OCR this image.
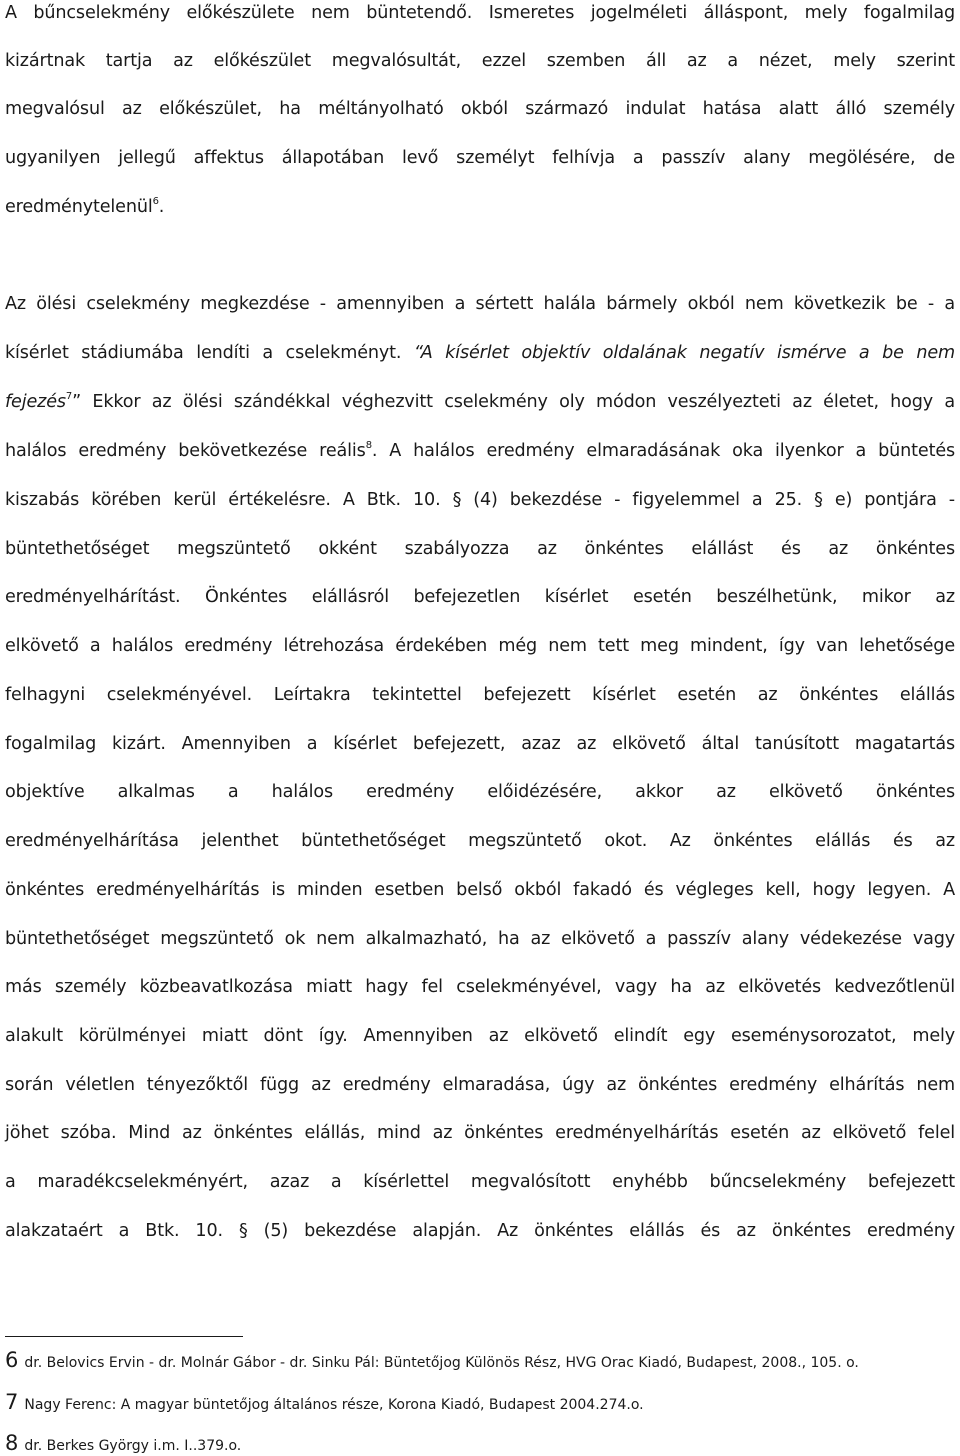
A bűncselekmény előkészülete nem büntetendő. Ismeretes jogelméleti álláspont, mely fogalmilag
kizártnak tartja az előkészület megvalósultát, ezzel szemben áll az a nézet, mely szerint
megvalósul az előkészület, ha méltányolható okból származó indulat hatása alatt álló személy
ugyanilyen jellegű affektus állapotában levő személyt felhívja a passzív alany megölésére, de
eredménytelenül$^6$.
Az ölési cselekmény megkezdése - amennyiben a sértett halála bármely okból nem következik be - a
kísérlet stádiumába lendíti a cselekményt. “A kísérlet objektív oldalának negatív ismérve a be nem
fejezés$^7$” Ekkor az ölési szándékkal véghezvitt cselekmény oly módon veszélyezteti az életet, hogy a
halálos eredmény bekövetkezése reális$^8$. A halálos eredmény elmaradásának oka ilyenkor a büntetés
kiszabás körében kerül értékelésre. A Btk. 10. § (4) bekezdése - figyelemmel a 25. § e) pontjára -
büntethetőséget megszüntető okként szabályozza az önkéntes elállást és az önkéntes
eredményelhárítást. Önkéntes elállásról befejezetlen kísérlet esetén beszélhetünk, mikor az
elkövető a halálos eredmény létrehozása érdekében még nem tett meg mindent, így van lehetősége
felhagyni cselekményével. Leírtakra tekintettel befejezett kísérlet esetén az önkéntes elállás
fogalmilag kizárt. Amennyiben a kísérlet befejezett, azaz az elkövető által tanúsított magatartás
objektíve alkalmas a halálos eredmény előidézésére, akkor az elkövető önkéntes
eredményelhárítása jelenthet büntethetőséget megszüntető okot. Az önkéntes elállás és az
önkéntes eredményelhárítás is minden esetben belső okból fakadó és végleges kell, hogy legyen. A
büntethetőséget megszüntető ok nem alkalmazható, ha az elkövető a passzív alany védekezése vagy
más személy közbeavatlkozása miatt hagy fel cselekményével, vagy ha az elkövetés kedvezőtlenül
alakult körülményei miatt dönt így. Amennyiben az elkövető elindít egy eseménysorozatot, mely
során véletlen tényezőktől függ az eredmény elmaradása, úgy az önkéntes eredmény elhárítás nem
jöhet szóba. Mind az önkéntes elállás, mind az önkéntes eredményelhárítás esetén az elkövető felel
a maradékcselekményért, azaz a kísérlettel megvalósított enyhébb bűncselekmény befejezett
alakzataért a Btk. 10. § (5) bekezdése alapján. Az önkéntes elállás és az önkéntes eredmény
6 dr. Belovics Ervin - dr. Molnár Gábor - dr. Sinku Pál: Büntetőjog Különös Rész, HVG Orac Kiadó, Budapest, 2008., 105. o.
7 Nagy Ferenc: A magyar büntetőjog általános része, Korona Kiadó, Budapest 2004.274.o.
8 dr. Berkes György i.m. I..379.o.
